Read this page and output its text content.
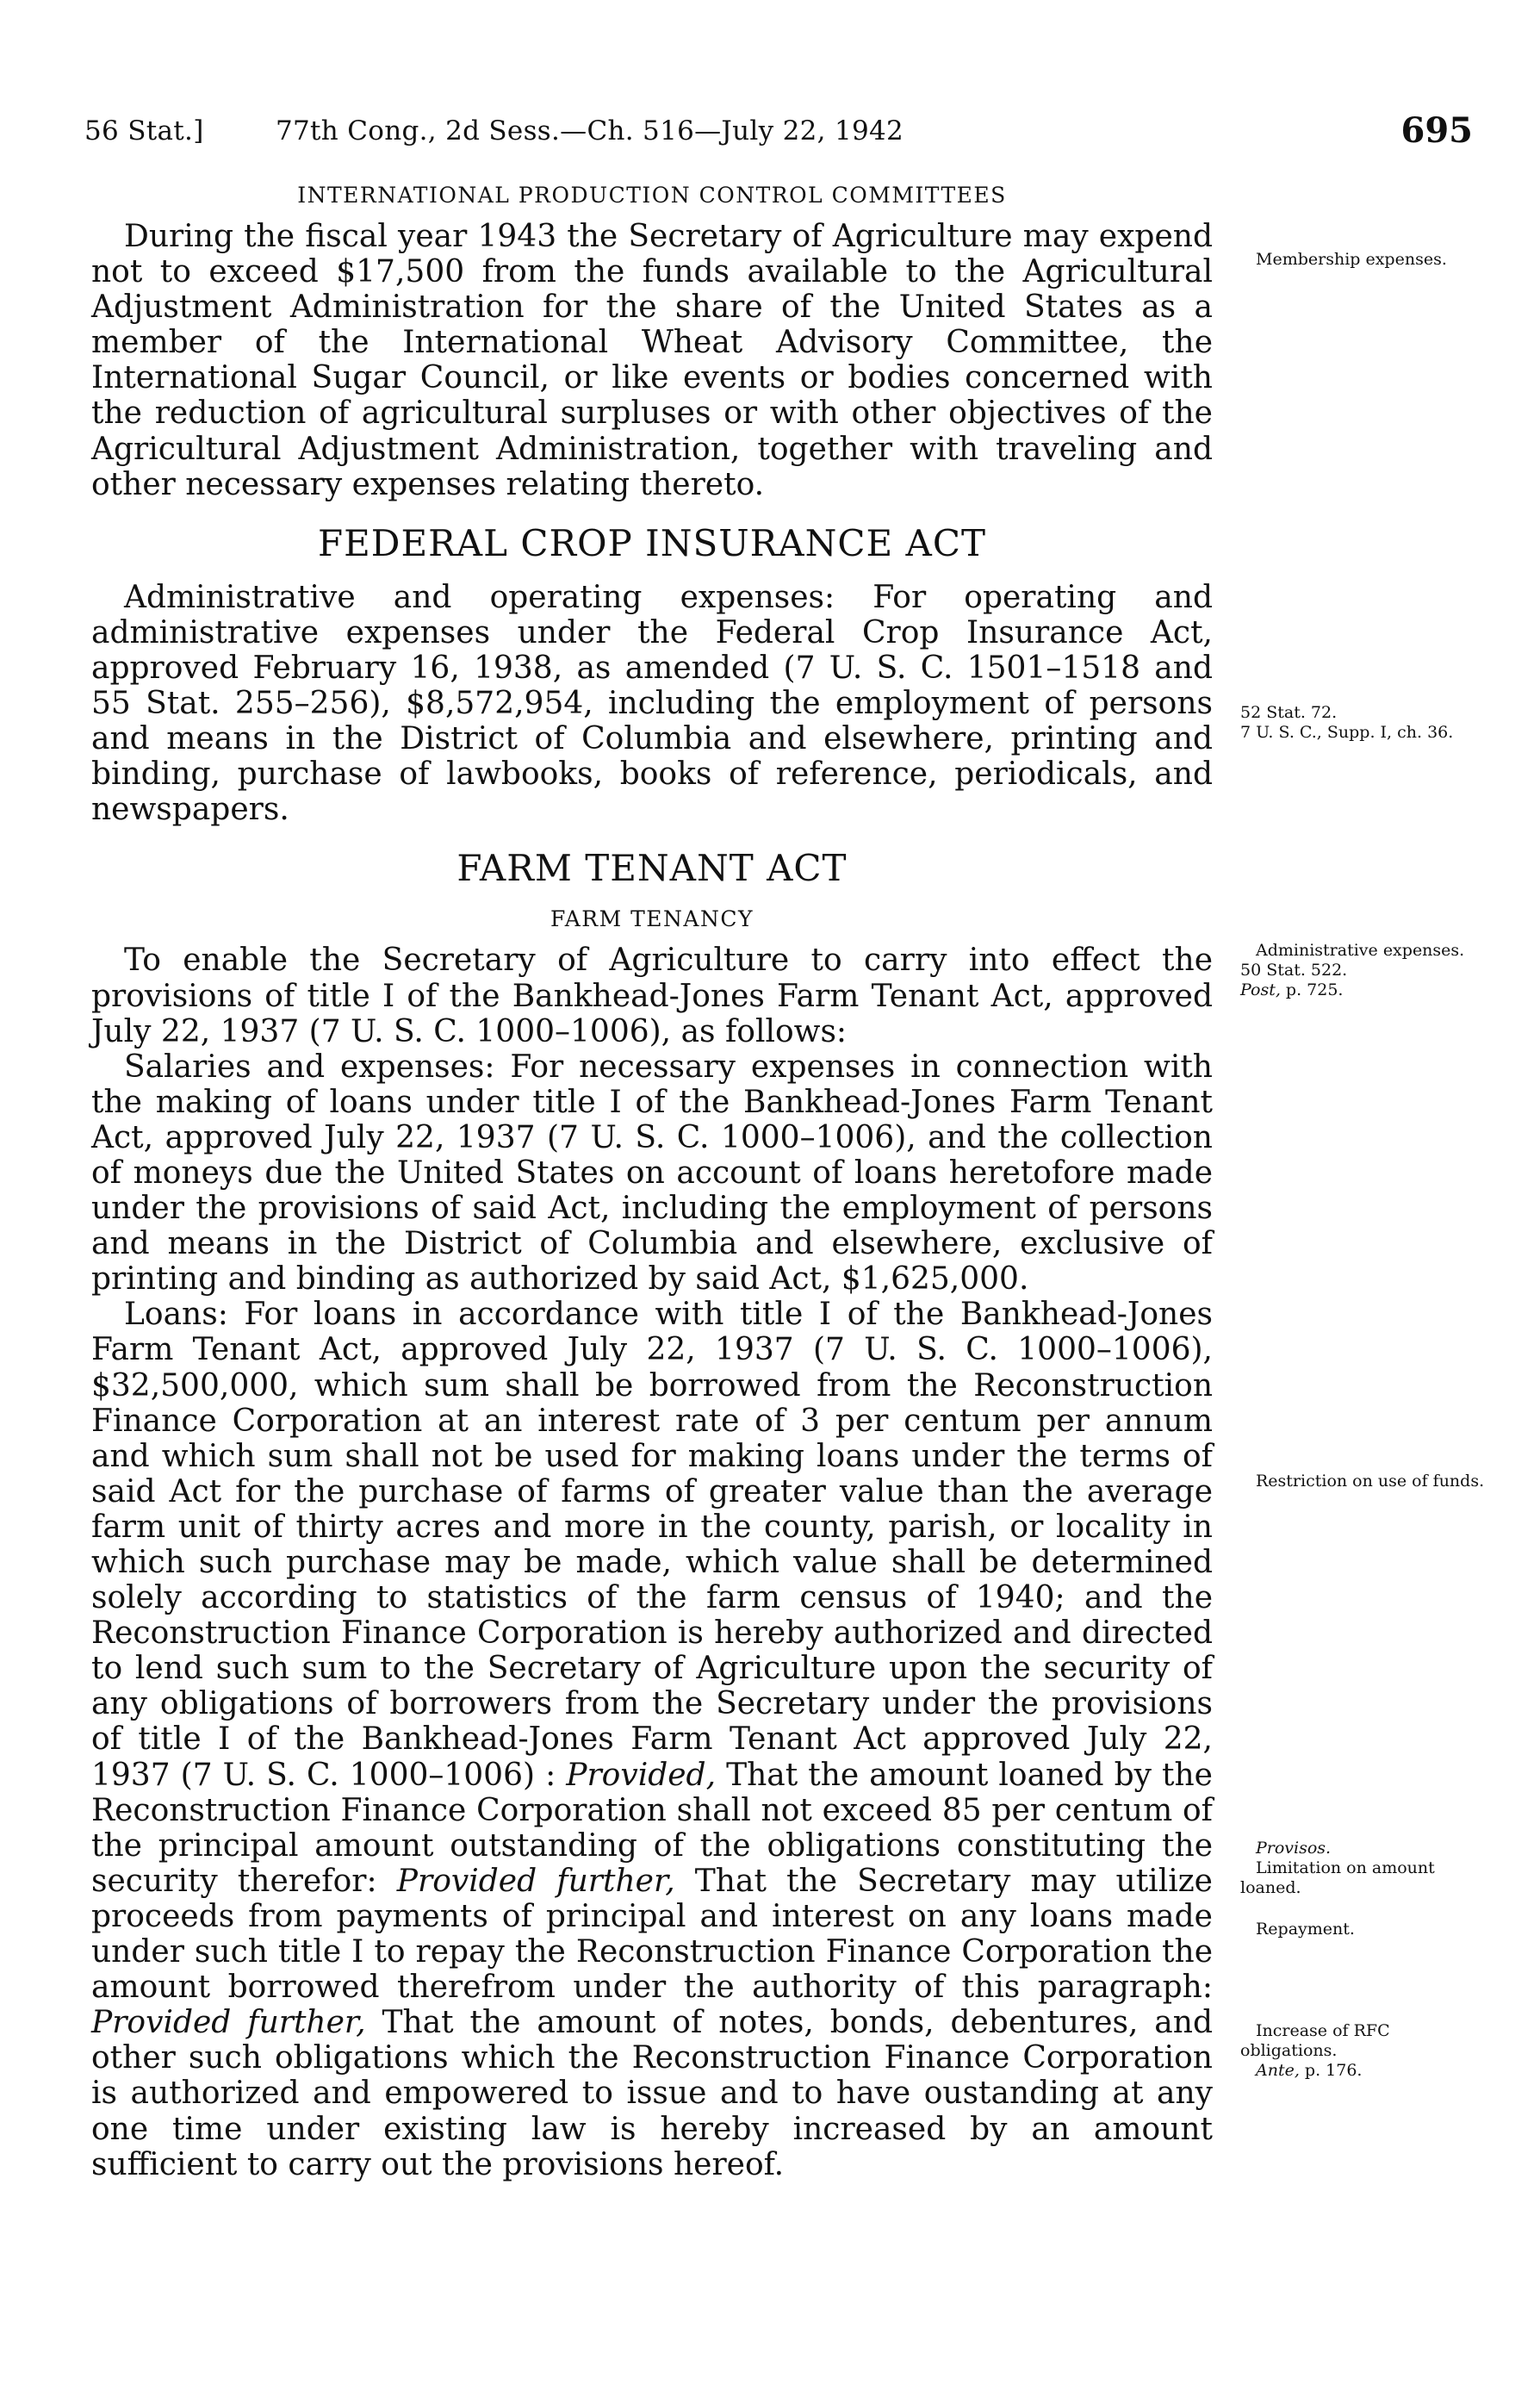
56 Stat.]	77th Cong., 2d Sess.—Ch. 516—July 22, 1942	695
INTERNATIONAL PRODUCTION CONTROL COMMITTEES

During the fiscal year 1943 the Secretary of Agriculture may expend not to exceed $17,500 from the funds available to the Agricultural Adjustment Administration for the share of the United States as a member of the International Wheat Advisory Committee, the International Sugar Council, or like events or bodies concerned with the reduction of agricultural surpluses or with other objectives of the Agricultural Adjustment Administration, together with traveling and other necessary expenses relating thereto.

FEDERAL CROP INSURANCE ACT

Administrative and operating expenses: For operating and administrative expenses under the Federal Crop Insurance Act, approved February 16, 1938, as amended (7 U. S. C. 1501–1518 and 55 Stat. 255–256), $8,572,954, including the employment of persons and means in the District of Columbia and elsewhere, printing and binding, purchase of lawbooks, books of reference, periodicals, and newspapers.

FARM TENANT ACT
FARM TENANCY

To enable the Secretary of Agriculture to carry into effect the provisions of title I of the Bankhead-Jones Farm Tenant Act, approved July 22, 1937 (7 U. S. C. 1000–1006), as follows:

Salaries and expenses: For necessary expenses in connection with the making of loans under title I of the Bankhead-Jones Farm Tenant Act, approved July 22, 1937 (7 U. S. C. 1000–1006), and the collection of moneys due the United States on account of loans heretofore made under the provisions of said Act, including the employment of persons and means in the District of Columbia and elsewhere, exclusive of printing and binding as authorized by said Act, $1,625,000.

Loans: For loans in accordance with title I of the Bankhead-Jones Farm Tenant Act, approved July 22, 1937 (7 U. S. C. 1000–1006), $32,500,000, which sum shall be borrowed from the Reconstruction Finance Corporation at an interest rate of 3 per centum per annum and which sum shall not be used for making loans under the terms of said Act for the purchase of farms of greater value than the average farm unit of thirty acres and more in the county, parish, or locality in which such purchase may be made, which value shall be determined solely according to statistics of the farm census of 1940; and the Reconstruction Finance Corporation is hereby authorized and directed to lend such sum to the Secretary of Agriculture upon the security of any obligations of borrowers from the Secretary under the provisions of title I of the Bankhead-Jones Farm Tenant Act approved July 22, 1937 (7 U. S. C. 1000–1006) : Provided, That the amount loaned by the Reconstruction Finance Corporation shall not exceed 85 per centum of the principal amount outstanding of the obligations constituting the security therefor: Provided further, That the Secretary may utilize proceeds from payments of principal and interest on any loans made under such title I to repay the Reconstruction Finance Corporation the amount borrowed therefrom under the authority of this paragraph: Provided further, That the amount of notes, bonds, debentures, and other such obligations which the Reconstruction Finance Corporation is authorized and empowered to issue and to have oustanding at any one time under existing law is hereby increased by an amount sufficient to carry out the provisions hereof.

Membership expenses.

52 Stat. 72.

7 U. S. C., Supp. I, ch. 36.

Administrative expenses.

50 Stat. 522.

Post, p. 725.

Restriction on use of funds.

Provisos.

Limitation on amount loaned.

Repayment.

Increase of RFC obligations.

Ante, p. 176.
